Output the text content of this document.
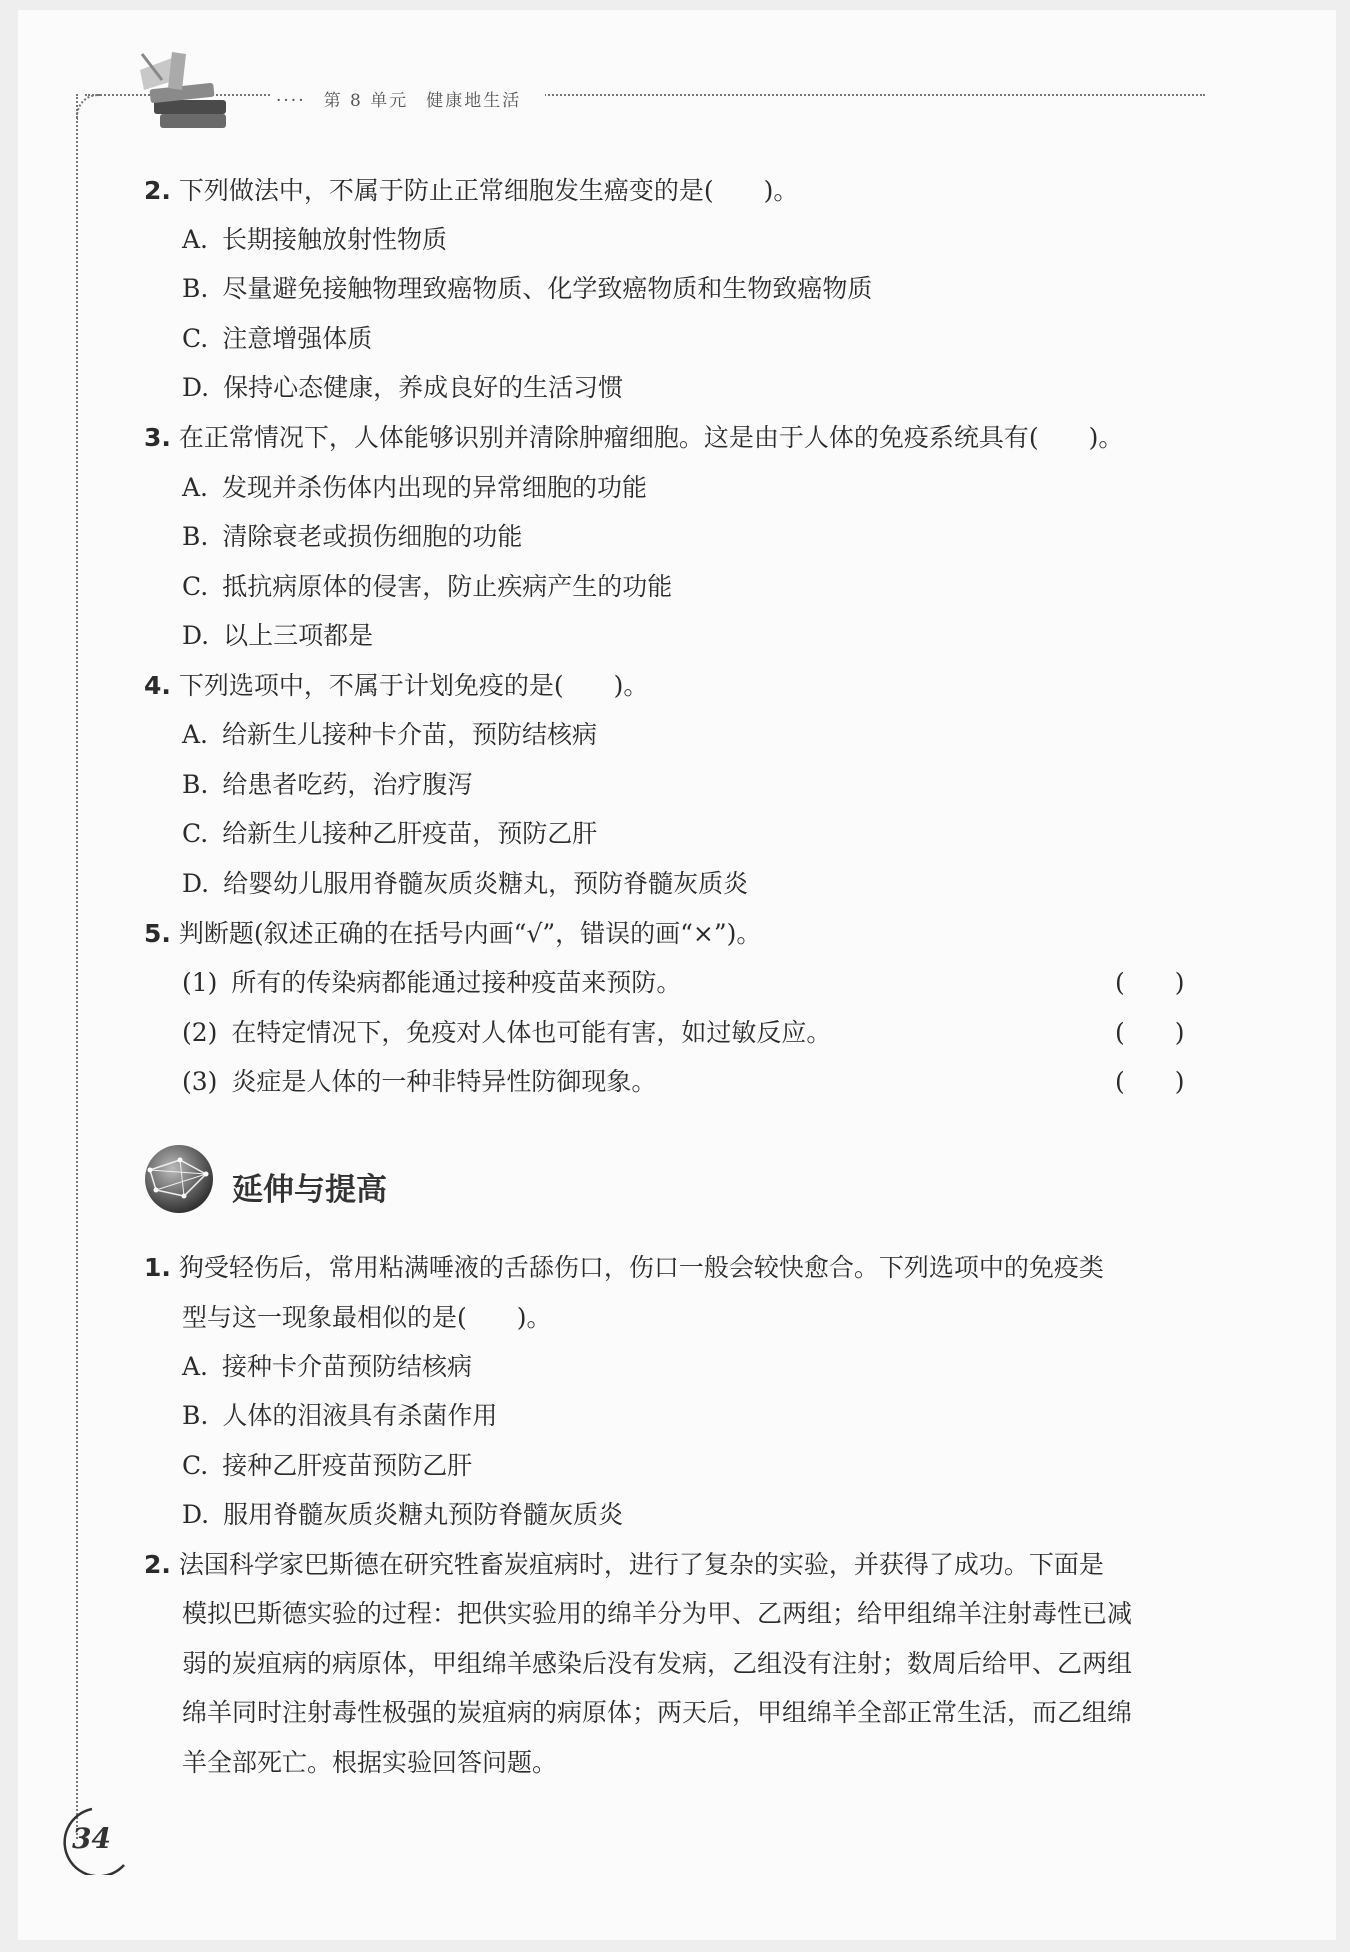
···· 第 8 单元 健康地生活
2. 下列做法中，不属于防止正常细胞发生癌变的是(　　)。
A. 长期接触放射性物质
B. 尽量避免接触物理致癌物质、化学致癌物质和生物致癌物质
C. 注意增强体质
D. 保持心态健康，养成良好的生活习惯
3. 在正常情况下，人体能够识别并清除肿瘤细胞。这是由于人体的免疫系统具有(　　)。
A. 发现并杀伤体内出现的异常细胞的功能
B. 清除衰老或损伤细胞的功能
C. 抵抗病原体的侵害，防止疾病产生的功能
D. 以上三项都是
4. 下列选项中，不属于计划免疫的是(　　)。
A. 给新生儿接种卡介苗，预防结核病
B. 给患者吃药，治疗腹泻
C. 给新生儿接种乙肝疫苗，预防乙肝
D. 给婴幼儿服用脊髓灰质炎糖丸，预防脊髓灰质炎
5. 判断题(叙述正确的在括号内画“√”，错误的画“×”)。
(1) 所有的传染病都能通过接种疫苗来预防。	(　　)
(2) 在特定情况下，免疫对人体也可能有害，如过敏反应。	(　　)
(3) 炎症是人体的一种非特异性防御现象。	(　　)
延伸与提高
1. 狗受轻伤后，常用粘满唾液的舌舔伤口，伤口一般会较快愈合。下列选项中的免疫类
型与这一现象最相似的是(　　)。
A. 接种卡介苗预防结核病
B. 人体的泪液具有杀菌作用
C. 接种乙肝疫苗预防乙肝
D. 服用脊髓灰质炎糖丸预防脊髓灰质炎
2. 法国科学家巴斯德在研究牲畜炭疽病时，进行了复杂的实验，并获得了成功。下面是
模拟巴斯德实验的过程：把供实验用的绵羊分为甲、乙两组；给甲组绵羊注射毒性已减
弱的炭疽病的病原体，甲组绵羊感染后没有发病，乙组没有注射；数周后给甲、乙两组
绵羊同时注射毒性极强的炭疽病的病原体；两天后，甲组绵羊全部正常生活，而乙组绵
羊全部死亡。根据实验回答问题。
34
